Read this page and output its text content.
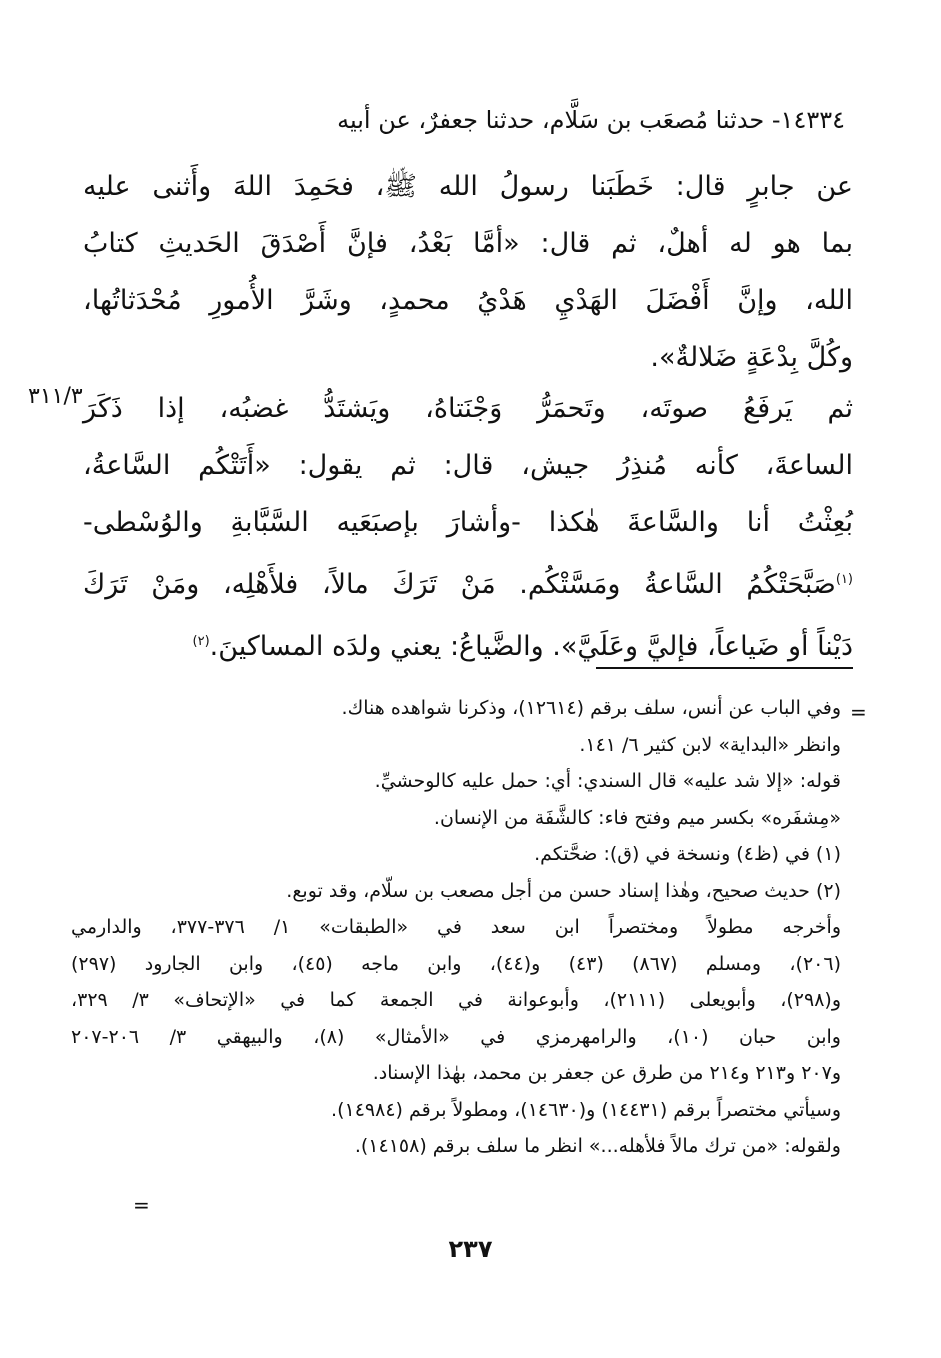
١٤٣٣٤- حدثنا مُصعَب بن سَلَّام، حدثنا جعفرٌ، عن أبيه
عن جابرٍ قال: خَطَبَنا رسولُ الله ﷺ، فحَمِدَ اللهَ وأَثنى عليه
بما هو له أهلٌ، ثم قال: «أمَّا بَعْدُ، فإنَّ أَصْدَقَ الحَديثِ كتابُ
الله، وإنَّ أَفْضَلَ الهَدْيِ هَدْيُ محمدٍ، وشَرَّ الأُمورِ مُحْدَثاتُها،
وكُلَّ بِدْعَةٍ ضَلالةٌ».
٣١١/٣ ثم يَرفَعُ صوتَه، وتَحمَرُّ وَجْنَتاهُ، ويَشتَدُّ غضبُه، إذا ذَكَرَ
الساعةَ، كأنه مُنذِرُ جيش، قال: ثم يقول: «أَتَتْكُم السَّاعةُ،
بُعِثْتُ أنا والسَّاعةَ هٰكذا -وأشارَ بإصبَعَيه السَّبَّابةِ والوُسْطى-
$^{(١)}$صَبَّحَتْكُمُ السَّاعةُ ومَسَّتْكُم. مَنْ تَرَكَ مالاً، فلأَهْلِه، ومَنْ تَرَكَ
دَيْناً أو ضَياعاً، فإليَّ وعَلَيَّ». والضَّياعُ: يعني ولدَه المساكينَ.$^{(٢)}$
=
وفي الباب عن أنس، سلف برقم (١٢٦١٤)، وذكرنا شواهده هناك.
وانظر «البداية» لابن كثير ٦/ ١٤١.
قوله: «إلا شد عليه» قال السندي: أي: حمل عليه كالوحشيِّ.
«مِشفَره» بكسر ميم وفتح فاء: كالشَّفَة من الإنسان.
(١) في (ظ٤) ونسخة في (ق): ضحَّتكم.
(٢) حديث صحيح، وهٰذا إسناد حسن من أجل مصعب بن سلّام، وقد توبع.
وأخرجه مطولاً ومختصراً ابن سعد في «الطبقات» ١/ ٣٧٦-٣٧٧، والدارمي
(٢٠٦)، ومسلم (٨٦٧) (٤٣) و(٤٤)، وابن ماجه (٤٥)، وابن الجارود (٢٩٧)
و(٢٩٨)، وأبويعلى (٢١١١)، وأبوعوانة في الجمعة كما في «الإتحاف» ٣/ ٣٢٩،
وابن حبان (١٠)، والرامهرمزي في «الأمثال» (٨)، والبيهقي ٣/ ٢٠٦-٢٠٧
و٢٠٧ و٢١٣ و٢١٤ من طرق عن جعفر بن محمد، بهٰذا الإسناد.
وسيأتي مختصراً برقم (١٤٤٣١) و(١٤٦٣٠)، ومطولاً برقم (١٤٩٨٤).
ولقوله: «من ترك مالاً فلأهله...» انظر ما سلف برقم (١٤١٥٨).
=
٢٣٧
